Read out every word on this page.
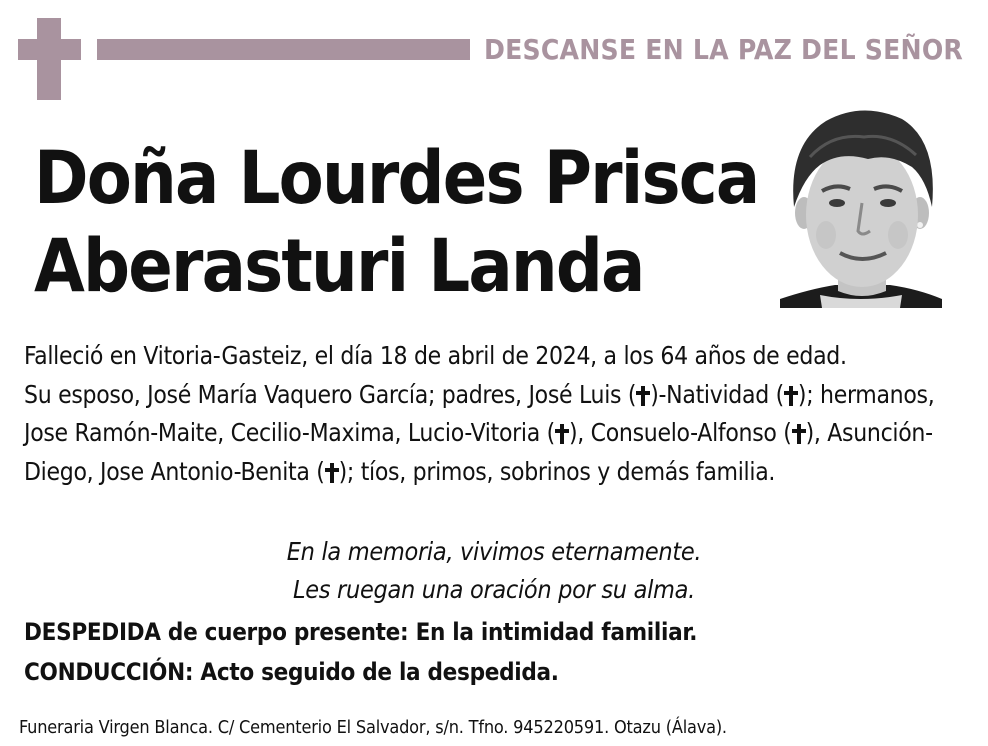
DESCANSE EN LA PAZ DEL SEÑOR
Doña Lourdes Prisca
Aberasturi Landa

Falleció en Vitoria-Gasteiz, el día 18 de abril de 2024, a los 64 años de edad.

Su esposo, José María Vaquero García; padres, José Luis ( )-Natividad ( ); hermanos, Jose Ramón-Maite, Cecilio-Maxima, Lucio-Vitoria ( ), Consuelo-Alfonso ( ), Asunción-Diego, Jose Antonio-Benita ( ); tíos, primos, sobrinos y demás familia.

En la memoria, vivimos eternamente.
Les ruegan una oración por su alma.
DESPEDIDA de cuerpo presente: En la intimidad familiar.
CONDUCCIÓN: Acto seguido de la despedida.
Funeraria Virgen Blanca. C/ Cementerio El Salvador, s/n. Tfno. 945220591. Otazu (Álava).
